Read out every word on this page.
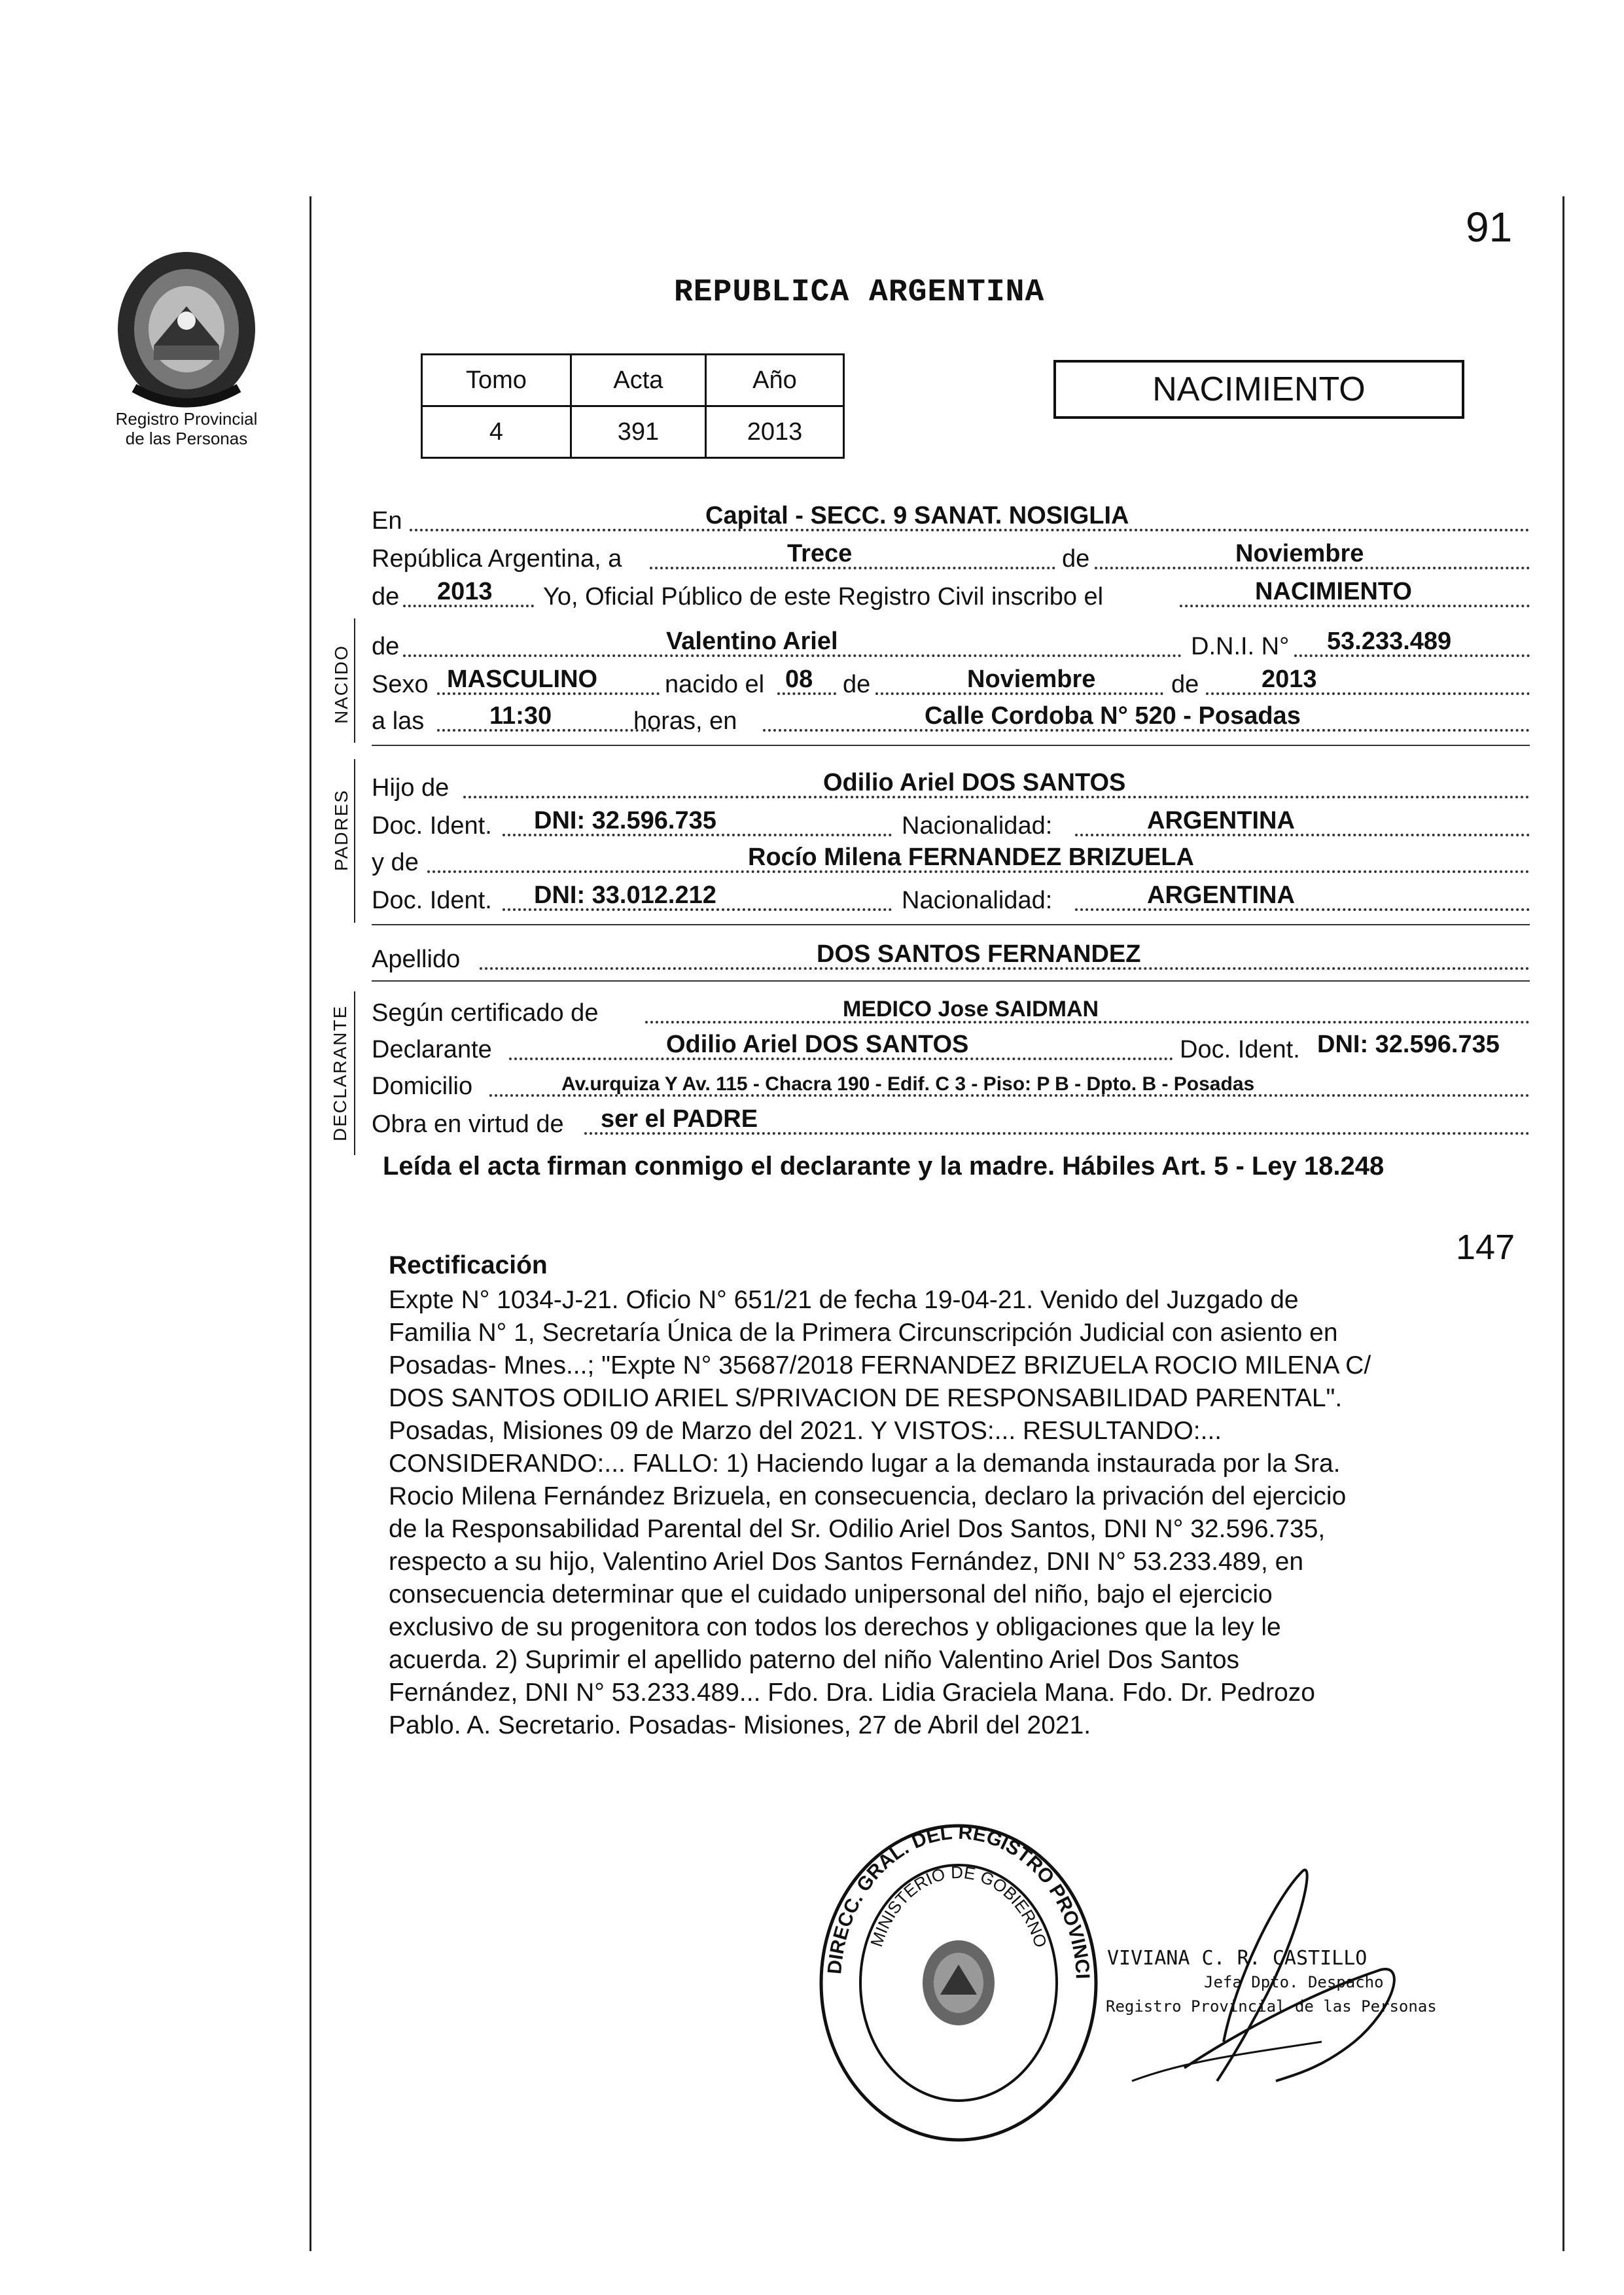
91
Registro Provincial
de las Personas
REPUBLICA ARGENTINA
Tomo	Acta	Año
4	391	2013
NACIMIENTO
En	Capital - SECC. 9 SANAT. NOSIGLIA
República Argentina, a	Trece	de	Noviembre
de 2013 Yo, Oficial Público de este Registro Civil inscribo el	NACIMIENTO
NACIDO de	Valentino Ariel	D.N.I. N° 53.233.489
Sexo MASCULINO	nacido el 08 de	Noviembre	de	2013
a las	11:30	horas, en	Calle Cordoba N° 520 - Posadas
PADRES
Hijo de	Odilio Ariel DOS SANTOS
Doc. Ident. DNI: 32.596.735	Nacionalidad:	ARGENTINA
y de	Rocío Milena FERNANDEZ BRIZUELA
Doc. Ident. DNI: 33.012.212	Nacionalidad:	ARGENTINA
Apellido	DOS SANTOS FERNANDEZ
DECLARANTE Según certificado de	MEDICO Jose SAIDMAN
Declarante	Odilio Ariel DOS SANTOS	Doc. Ident. DNI: 32.596.735
Domicilio	Av.urquiza Y Av. 115 - Chacra 190 - Edif. C 3 - Piso: P B - Dpto. B - Posadas
Obra en virtud de ser el PADRE
Leída el acta firman conmigo el declarante y la madre. Hábiles Art. 5 - Ley 18.248
147
Rectificación
Expte N° 1034-J-21. Oficio N° 651/21 de fecha 19-04-21. Venido del Juzgado de
Familia N° 1, Secretaría Única de la Primera Circunscripción Judicial con asiento en
Posadas- Mnes...; "Expte N° 35687/2018 FERNANDEZ BRIZUELA ROCIO MILENA C/
DOS SANTOS ODILIO ARIEL S/PRIVACION DE RESPONSABILIDAD PARENTAL".
Posadas, Misiones 09 de Marzo del 2021. Y VISTOS:... RESULTANDO:...
CONSIDERANDO:... FALLO: 1) Haciendo lugar a la demanda instaurada por la Sra.
Rocio Milena Fernández Brizuela, en consecuencia, declaro la privación del ejercicio
de la Responsabilidad Parental del Sr. Odilio Ariel Dos Santos, DNI N° 32.596.735,
respecto a su hijo, Valentino Ariel Dos Santos Fernández, DNI N° 53.233.489, en
consecuencia determinar que el cuidado unipersonal del niño, bajo el ejercicio
exclusivo de su progenitora con todos los derechos y obligaciones que la ley le
acuerda. 2) Suprimir el apellido paterno del niño Valentino Ariel Dos Santos
Fernández, DNI N° 53.233.489... Fdo. Dra. Lidia Graciela Mana. Fdo. Dr. Pedrozo
Pablo. A. Secretario. Posadas- Misiones, 27 de Abril del 2021.
DIRECC. GRAL. DEL REGISTRO PROVINCI
MINISTERIO DE GOBIERNO
VIVIANA C. R. CASTILLO
Jefa Dpto. Despacho
Registro Provincial de las Personas
